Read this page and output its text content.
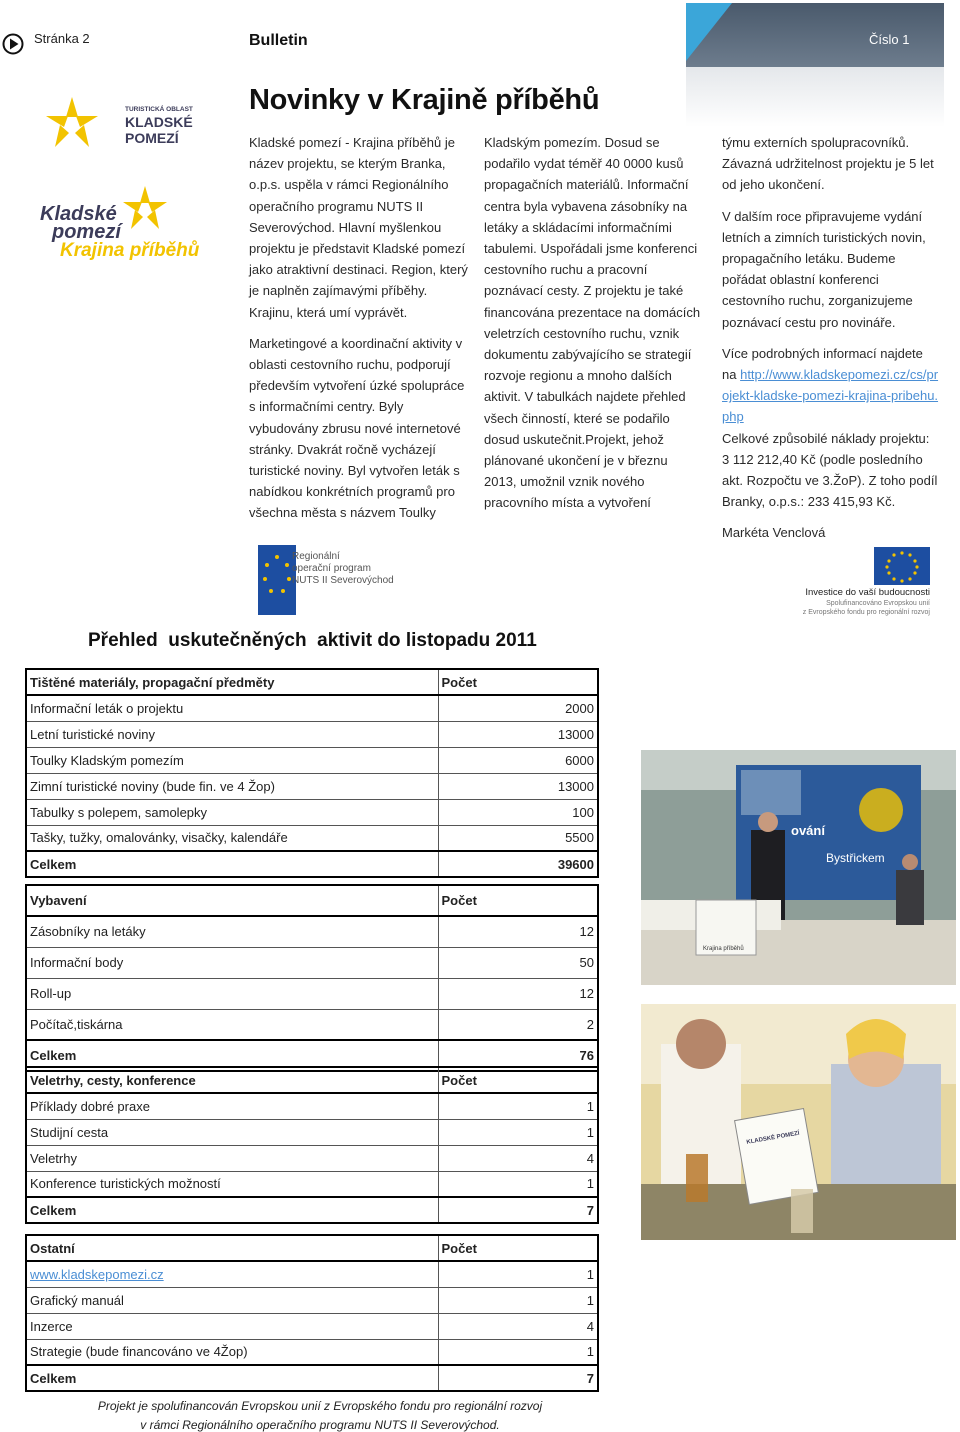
Stránka 2	Bulletin	Číslo 1
Novinky v Krajině příběhů
TURISTICKÁ OBLAST
KLADSKÉ
POMEZÍ
Kladské
pomezí
Krajina příběhů

Kladské pomezí - Krajina příběhů je název projektu, se kterým Branka, o.p.s. uspěla v rámci Regionálního operačního programu NUTS II Severovýchod. Hlavní myšlenkou projektu je představit Kladské pomezí jako atraktivní destinaci. Region, který je naplněn zajímavými příběhy. Krajinu, která umí vyprávět.

Marketingové a koordinační aktivity v oblasti cestovního ruchu, podporují především vytvoření úzké spolupráce s informačními centry. Byly vybudovány zbrusu nové internetové stránky. Dvakrát ročně vycházejí turistické noviny. Byl vytvořen leták s nabídkou konkrétních programů pro všechna města s názvem Toulky

Kladským pomezím. Dosud se podařilo vydat téměř 40 0000 kusů propagačních materiálů. Informační centra byla vybavena zásobníky na letáky a skládacími informačními tabulemi. Uspořádali jsme konferenci cestovního ruchu a pracovní poznávací cesty. Z projektu je také financována prezentace na domácích veletrzích cestovního ruchu, vznik dokumentu zabývajícího se strategií rozvoje regionu a mnoho dalších aktivit. V tabulkách najdete přehled všech činností, které se podařilo dosud uskutečnit.Projekt, jehož plánované ukončení je v březnu 2013, umožnil vznik nového pracovního místa a vytvoření

týmu externích spolupracovníků. Závazná udržitelnost projektu je 5 let od jeho ukončení.

V dalším roce připravujeme vydání letních a zimních turistických novin, propagačního letáku. Budeme pořádat oblastní konferenci cestovního ruchu, zorganizujeme poznávací cestu pro novináře.

Více podrobných informací najdete na http://www.kladskepomezi.cz/cs/projekt-kladske-pomezi-krajina-pribehu.php

Celkové způsobilé náklady projektu: 3 112 212,40 Kč (podle posledního akt. Rozpočtu ve 3.ŽoP). Z toho podíl Branky, o.p.s.: 233 415,93 Kč.

Markéta Venclová

Regionální
operační program
NUTS II Severovýchod
Investice do vaší budoucnosti
Spolufinancováno Evropskou unií
z Evropského fondu pro regionální rozvoj
Přehled  uskutečněných  aktivit do listopadu 2011
Tištěné materiály, propagační předměty	Počet
Informační leták o projektu	2000
Letní turistické noviny	13000
Toulky Kladským pomezím	6000
Zimní turistické noviny (bude fin. ve 4 Žop)	13000
Tabulky s polepem, samolepky	100
Tašky, tužky, omalovánky, visačky, kalendáře	5500
Celkem	39600
Vybavení	Počet
Zásobníky na letáky	12
Informační body	50
Roll-up	12
Počítač,tiskárna	2
Celkem	76
Veletrhy, cesty, konference	Počet
Příklady dobré praxe	1
Studijní cesta	1
Veletrhy	4
Konference turistických možností	1
Celkem	7
Ostatní	Počet
www.kladskepomezi.cz	1
Grafický manuál	1
Inzerce	4
Strategie (bude financováno ve 4Žop)	1
Celkem	7
ování
Bystřickem
Krajina příběhů
KLADSKÉ POMEZÍ
Projekt je spolufinancován Evropskou unií z Evropského fondu pro regionální rozvoj
v rámci Regionálního operačního programu NUTS II Severovýchod.
